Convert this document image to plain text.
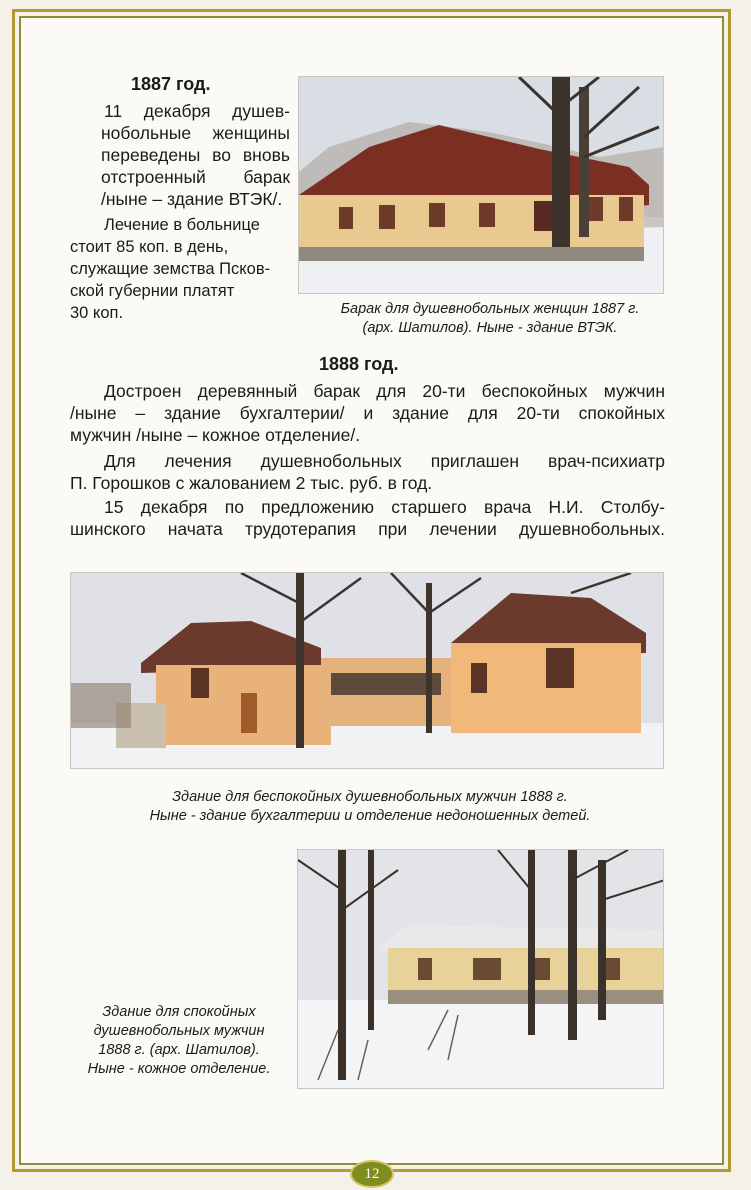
1887 год.
11 декабря душев-
нобольные женщины
переведены во вновь
отстроенный барак
/ныне – здание ВТЭК/.
Лечение в больнице
стоит 85 коп. в день,
служащие земства Псков-
ской губернии платят
30 коп.	Барак для душевнобольных женщин 1887 г.
(арх. Шатилов). Ныне - здание ВТЭК.
1888 год.
Достроен деревянный барак для 20-ти беспокойных мужчин
/ныне – здание бухгалтерии/ и здание для 20-ти спокойных
мужчин /ныне – кожное отделение/.
Для лечения душевнобольных приглашен врач-психиатр
П. Горошков с жалованием 2 тыс. руб. в год.
15 декабря по предложению старшего врача Н.И. Столбу-
шинского начата трудотерапия при лечении душевнобольных.
Здание для беспокойных душевнобольных мужчин 1888 г.
Ныне - здание бухгалтерии и отделение недоношенных детей.
Здание для спокойных
душевнобольных мужчин
1888 г. (арх. Шатилов).
Ныне - кожное отделение.
12
